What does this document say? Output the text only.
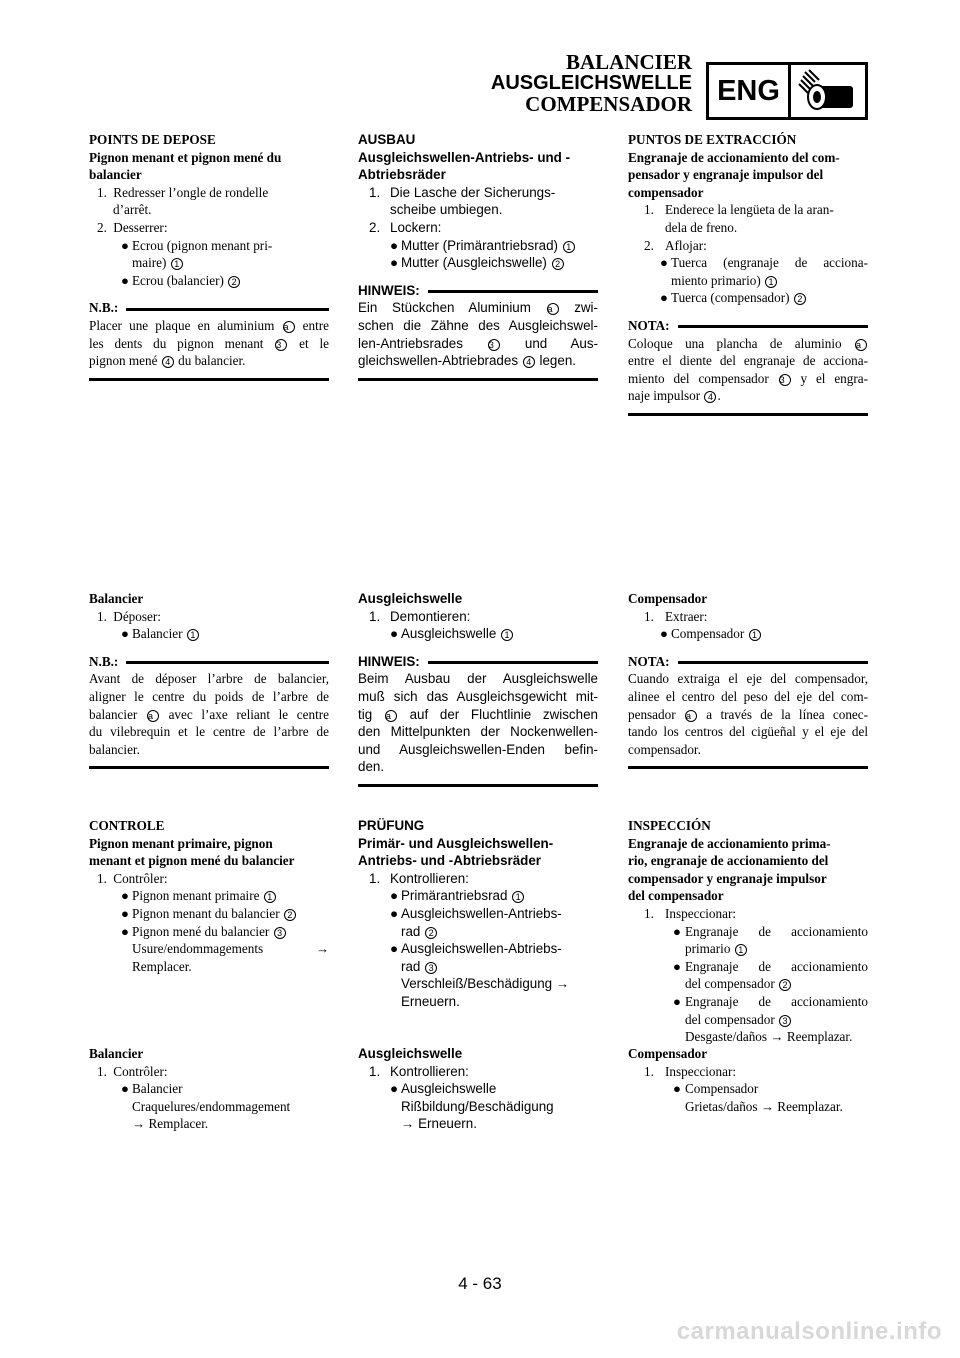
BALANCIER
AUSGLEICHSWELLE
COMPENSADOR ENG
POINTS DE DEPOSE
Pignon menant et pignon mené du
balancier
1. Redresser l’ongle de rondelle
d’arrêt.
2. Desserrer:
● Ecrou (pignon menant pri-
maire) 1
● Ecrou (balancier) 2
N.B.:
Placer une plaque en aluminium a entre
les dents du pignon menant 3 et le
pignon mené 4 du balancier.
Balancier
1. Déposer:
● Balancier 1
N.B.:
Avant de déposer l’arbre de balancier,
aligner le centre du poids de l’arbre de
balancier a avec l’axe reliant le centre
du vilebrequin et le centre de l’arbre de
balancier.
CONTROLE
Pignon menant primaire, pignon
menant et pignon mené du balancier
1. Contrôler:
● Pignon menant primaire 1
● Pignon menant du balancier 2
● Pignon mené du balancier 3
Usure/endommagements	→
Remplacer.
Balancier
1. Contrôler:
● Balancier
Craquelures/endommagement
→ Remplacer.
AUSBAU
Ausgleichswellen-Antriebs- und -
Abtriebsräder
1. Die Lasche der Sicherungs-
scheibe umbiegen.
2. Lockern:
● Mutter (Primärantriebsrad) 1
● Mutter (Ausgleichswelle) 2
HINWEIS:
Ein Stückchen Aluminium a zwi-
schen die Zähne des Ausgleichswel-
len-Antriebsrades	3 und Aus-
gleichswellen-Abtriebrades 4 legen.
Ausgleichswelle
1. Demontieren:
● Ausgleichswelle 1
HINWEIS:
Beim Ausbau der Ausgleichswelle
muß sich das Ausgleichsgewicht mit-
tig a auf der Fluchtlinie zwischen
den Mittelpunkten der Nockenwellen-
und Ausgleichswellen-Enden befin-
den.
PRÜFUNG
Primär- und Ausgleichswellen-
Antriebs- und -Abtriebsräder
1. Kontrollieren:
● Primärantriebsrad 1
● Ausgleichswellen-Antriebs-
rad 2
● Ausgleichswellen-Abtriebs-
rad 3
Verschleiß/Beschädigung →
Erneuern.
Ausgleichswelle
1. Kontrollieren:
● Ausgleichswelle
Rißbildung/Beschädigung
→ Erneuern.
PUNTOS DE EXTRACCIÓN
Engranaje de accionamiento del com-
pensador y engranaje impulsor del
compensador
1. Enderece la lengüeta de la aran-
dela de freno.
2. Aflojar:
● Tuerca (engranaje de acciona-
miento primario) 1
● Tuerca (compensador) 2
NOTA:
Coloque una plancha de aluminio a
entre el diente del engranaje de acciona-
miento del compensador 3 y el engra-
naje impulsor 4 .
Compensador
1. Extraer:
● Compensador 1
NOTA:
Cuando extraiga el eje del compensador,
alinee el centro del peso del eje del com-
pensador a a través de la línea conec-
tando los centros del cigüeñal y el eje del
compensador.
INSPECCIÓN
Engranaje de accionamiento prima-
rio, engranaje de accionamiento del
compensador y engranaje impulsor
del compensador
1. Inspeccionar:
● Engranaje de accionamiento
primario 1
● Engranaje de accionamiento
del compensador 2
● Engranaje de accionamiento
del compensador 3
Desgaste/daños → Reemplazar.
Compensador
1. Inspeccionar:
● Compensador
Grietas/daños → Reemplazar.
4 - 63
carmanualsonline.info
